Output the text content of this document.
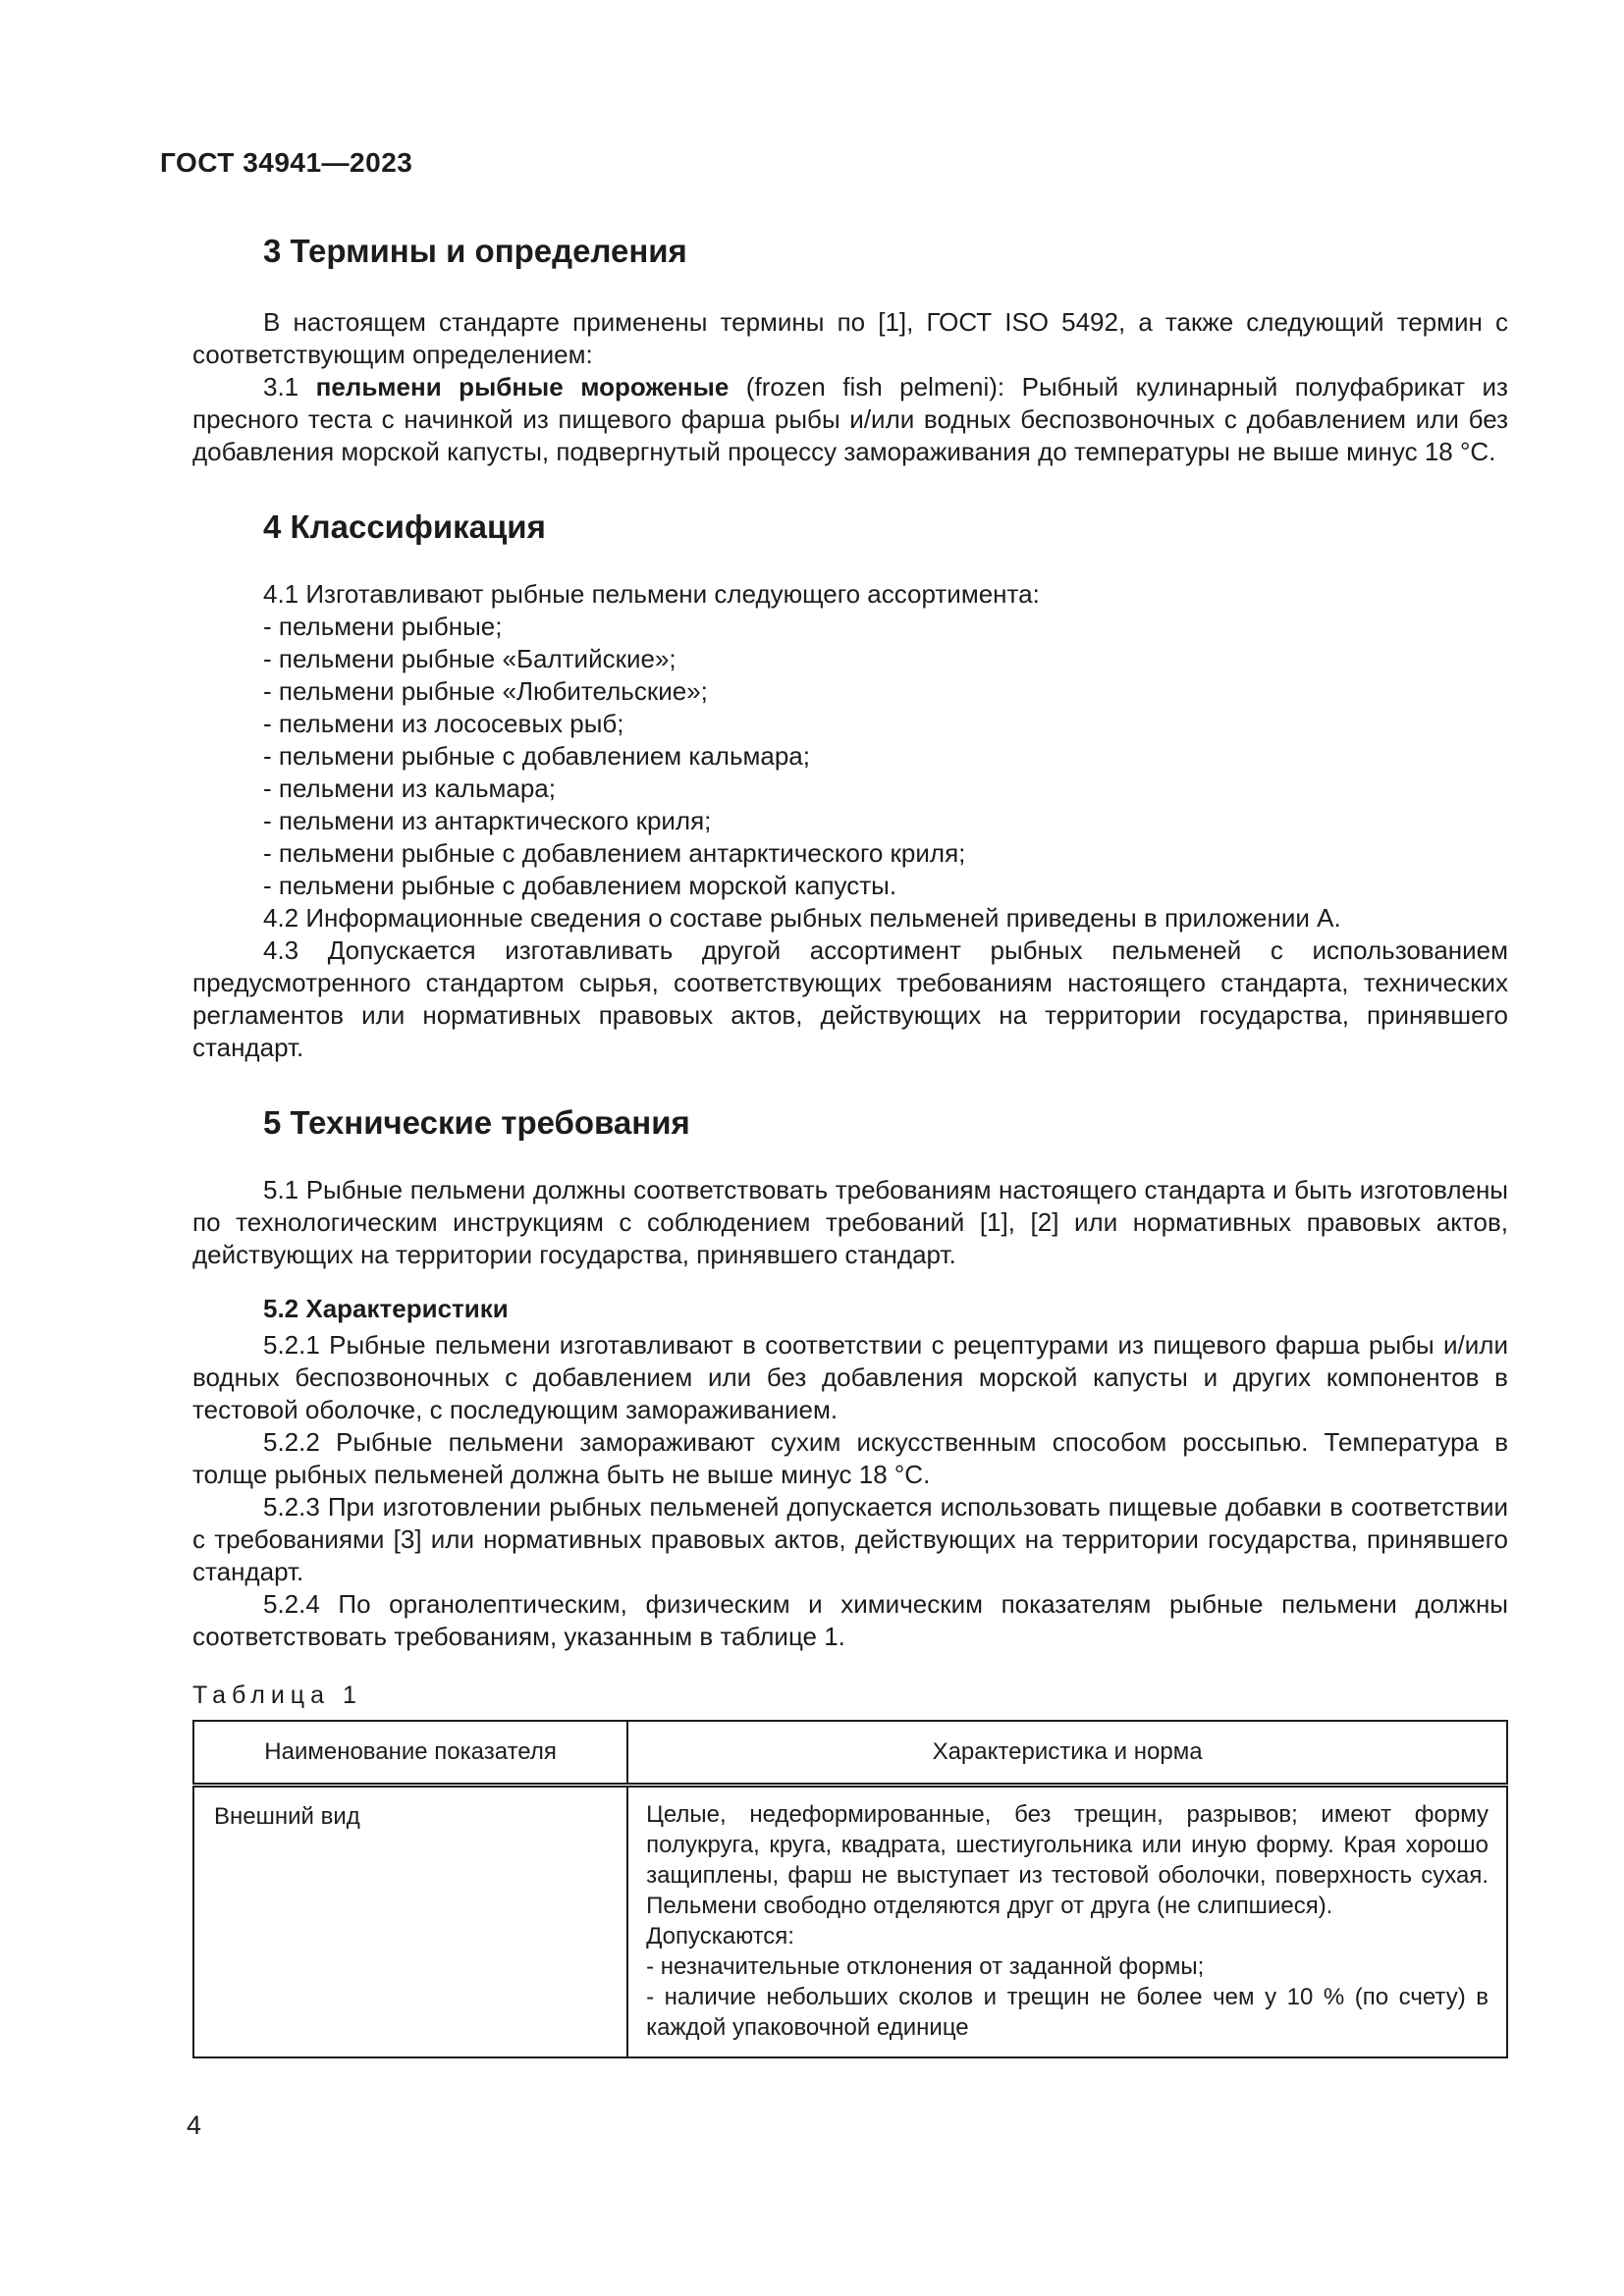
ГОСТ 34941—2023
3 Термины и определения

В настоящем стандарте применены термины по [1], ГОСТ ISO 5492, а также следующий термин с соответствующим определением:

3.1 пельмени рыбные мороженые (frozen fish pelmeni): Рыбный кулинарный полуфабрикат из пресного теста с начинкой из пищевого фарша рыбы и/или водных беспозвоночных с добавлением или без добавления морской капусты, подвергнутый процессу замораживания до температуры не выше минус 18 °С.

4 Классификация

4.1 Изготавливают рыбные пельмени следующего ассортимента:

- пельмени рыбные;

- пельмени рыбные «Балтийские»;

- пельмени рыбные «Любительские»;

- пельмени из лососевых рыб;

- пельмени рыбные с добавлением кальмара;

- пельмени из кальмара;

- пельмени из антарктического криля;

- пельмени рыбные с добавлением антарктического криля;

- пельмени рыбные с добавлением морской капусты.

4.2 Информационные сведения о составе рыбных пельменей приведены в приложении А.

4.3 Допускается изготавливать другой ассортимент рыбных пельменей с использованием предусмотренного стандартом сырья, соответствующих требованиям настоящего стандарта, технических регламентов или нормативных правовых актов, действующих на территории государства, принявшего стандарт.

5 Технические требования

5.1 Рыбные пельмени должны соответствовать требованиям настоящего стандарта и быть изготовлены по технологическим инструкциям с соблюдением требований [1], [2] или нормативных правовых актов, действующих на территории государства, принявшего стандарт.

5.2 Характеристики

5.2.1 Рыбные пельмени изготавливают в соответствии с рецептурами из пищевого фарша рыбы и/или водных беспозвоночных с добавлением или без добавления морской капусты и других компонентов в тестовой оболочке, с последующим замораживанием.

5.2.2 Рыбные пельмени замораживают сухим искусственным способом россыпью. Температура в толще рыбных пельменей должна быть не выше минус 18 °С.

5.2.3 При изготовлении рыбных пельменей допускается использовать пищевые добавки в соответствии с требованиями [3] или нормативных правовых актов, действующих на территории государства, принявшего стандарт.

5.2.4 По органолептическим, физическим и химическим показателям рыбные пельмени должны соответствовать требованиям, указанным в таблице 1.

Таблица 1
Наименование показателя	Характеристика и норма
Внешний вид	Целые, недеформированные, без трещин, разрывов; имеют форму полукруга, круга, квадрата, шестиугольника или иную форму. Края хорошо защиплены, фарш не выступает из тестовой оболочки, поверхность сухая. Пельмени свободно отделяются друг от друга (не слипшиеся).

Допускаются:

- незначительные отклонения от заданной формы;

- наличие небольших сколов и трещин не более чем у 10 % (по счету) в каждой упаковочной единице

4
